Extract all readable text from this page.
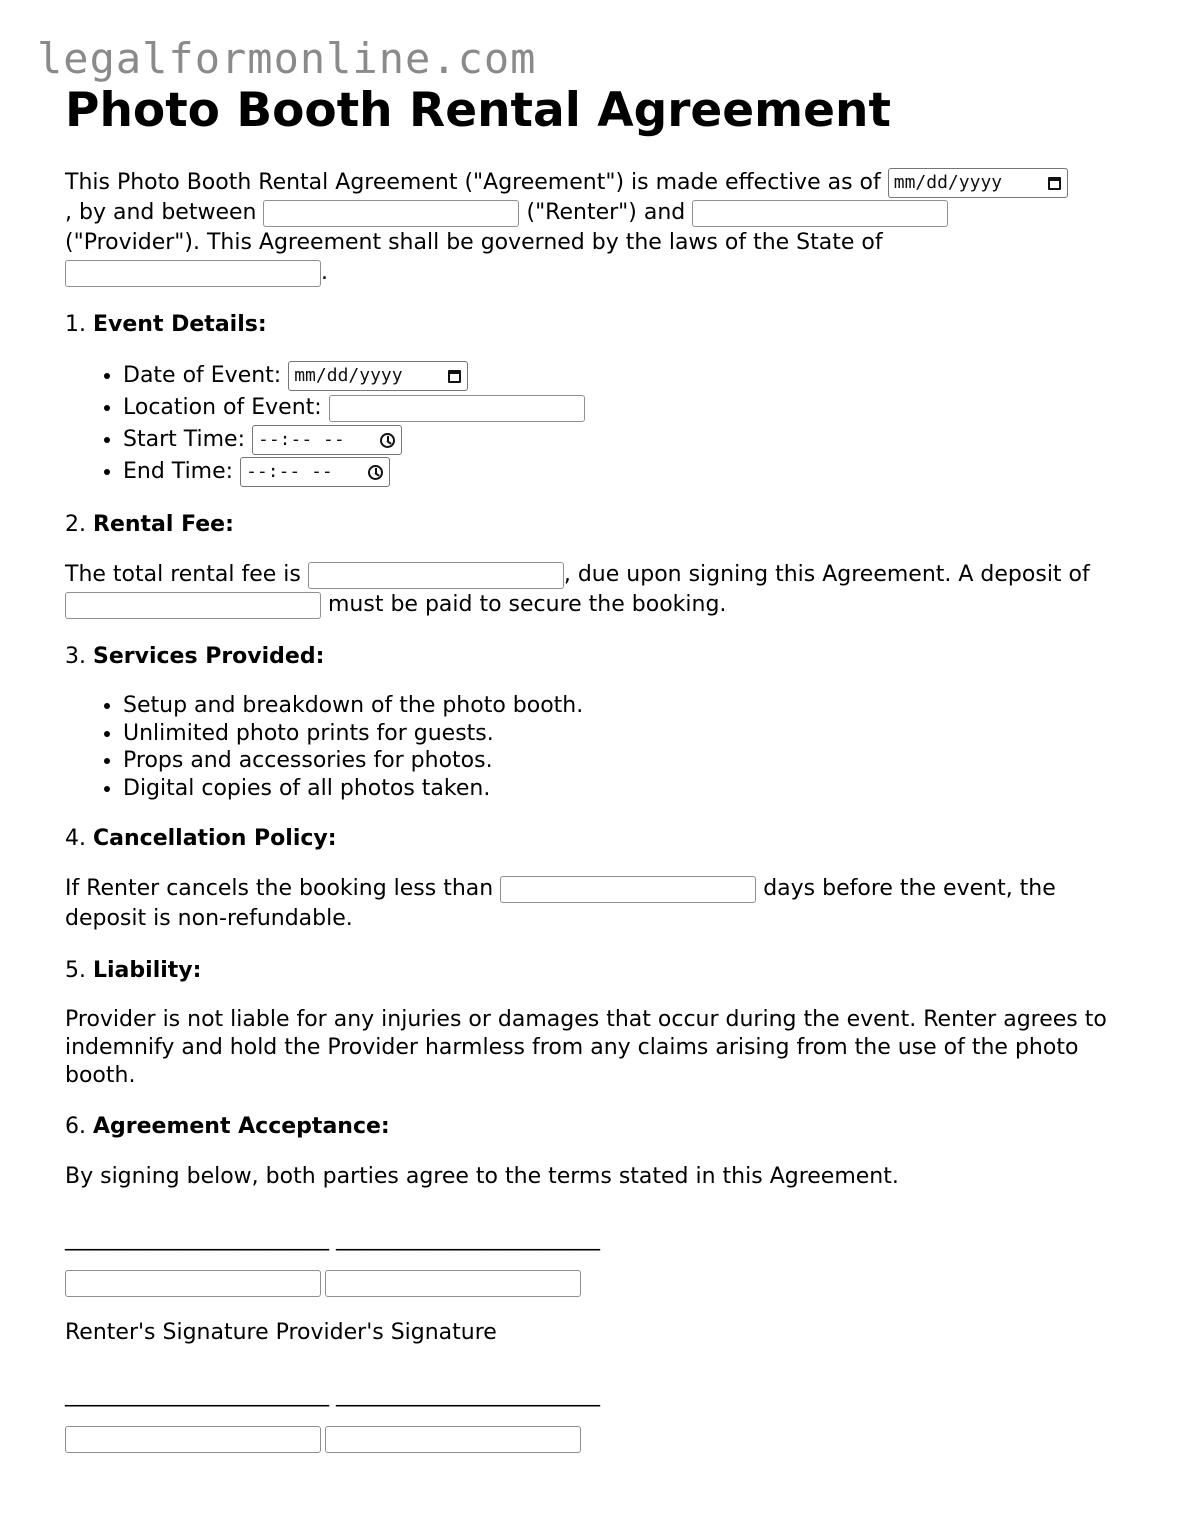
legalformonline.com
Photo Booth Rental Agreement

This Photo Booth Rental Agreement ("Agreement") is made effective as of mm/dd/yyyy

, by and between	("Renter") and
("Provider"). This Agreement shall be governed by the laws of the State of
.

1. Event Details:
• Date of Event: mm/dd/yyyy
• Location of Event:
• Start Time: --:-- --
• End Time: --:-- --
2. Rental Fee:

The total rental fee is	, due upon signing this Agreement. A deposit of  must be paid to secure the booking.

3. Services Provided:
• Setup and breakdown of the photo booth.
• Unlimited photo prints for guests.
• Props and accessories for photos.
• Digital copies of all photos taken.
4. Cancellation Policy:

If Renter cancels the booking less than	days before the event, the deposit is non-refundable.

5. Liability:

Provider is not liable for any injuries or damages that occur during the event. Renter agrees to indemnify and hold the Provider harmless from any claims arising from the use of the photo booth.

6. Agreement Acceptance:

By signing below, both parties agree to the terms stated in this Agreement.

________________________ ________________________

Renter's Signature Provider's Signature

________________________ ________________________
